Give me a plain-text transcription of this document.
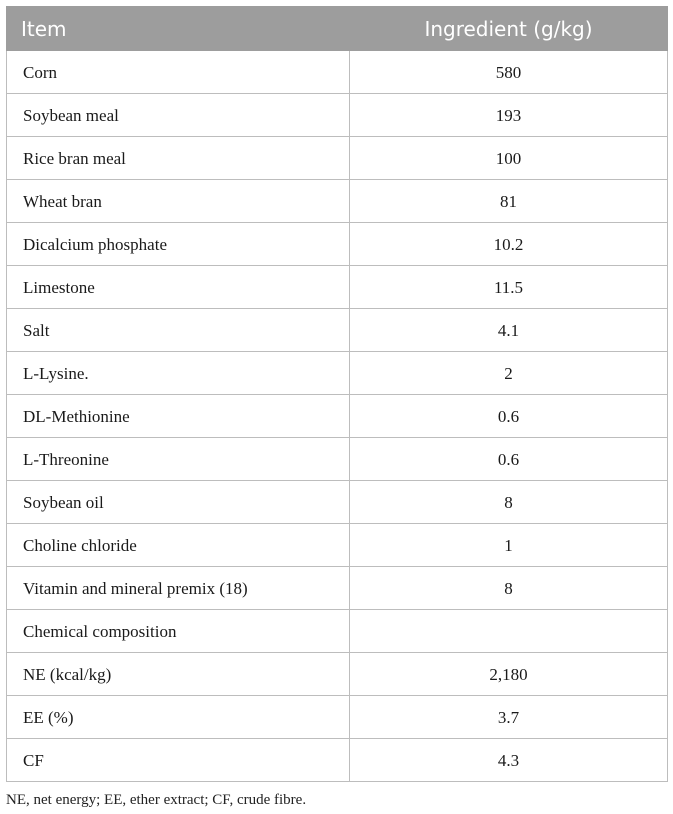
Item	Ingredient (g/kg)
Corn	580
Soybean meal	193
Rice bran meal	100
Wheat bran	81
Dicalcium phosphate	10.2
Limestone	11.5
Salt	4.1
L-Lysine.	2
DL-Methionine	0.6
L-Threonine	0.6
Soybean oil	8
Choline chloride	1
Vitamin and mineral premix (18)	8
Chemical composition	
NE (kcal/kg)	2,180
EE (%)	3.7
CF	4.3
NE, net energy; EE, ether extract; CF, crude fibre.
